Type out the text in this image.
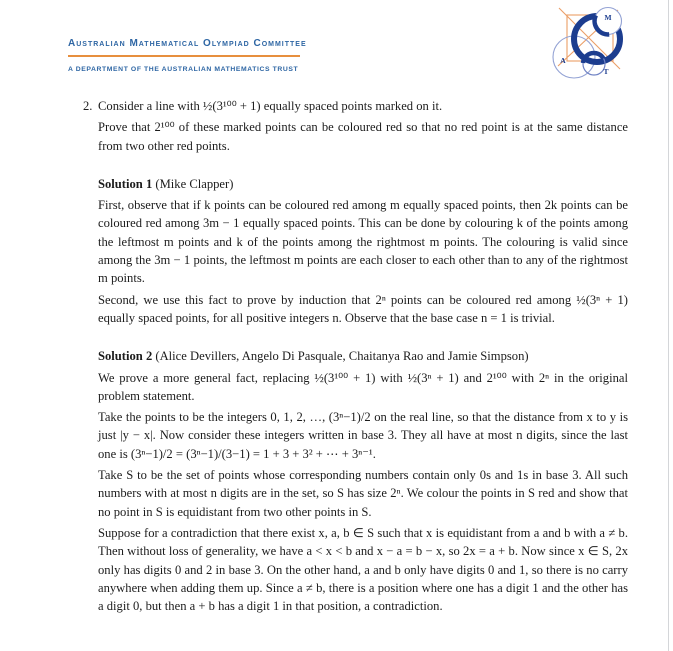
Australian Mathematical Olympiad Committee
A DEPARTMENT OF THE AUSTRALIAN MATHEMATICS TRUST
M
A
T
2. Consider a line with ½(3¹⁰⁰ + 1) equally spaced points marked on it.

Prove that 2¹⁰⁰ of these marked points can be coloured red so that no red point is at the same distance from two other red points.

Solution 1 (Mike Clapper)

First, observe that if k points can be coloured red among m equally spaced points, then 2k points can be coloured red among 3m − 1 equally spaced points. This can be done by colouring k of the points among the leftmost m points and k of the points among the rightmost m points. The colouring is valid since among the 3m − 1 points, the leftmost m points are each closer to each other than to any of the rightmost m points.

Second, we use this fact to prove by induction that 2ⁿ points can be coloured red among ½(3ⁿ + 1) equally spaced points, for all positive integers n. Observe that the base case n = 1 is trivial.

Solution 2 (Alice Devillers, Angelo Di Pasquale, Chaitanya Rao and Jamie Simpson)

We prove a more general fact, replacing ½(3¹⁰⁰ + 1) with ½(3ⁿ + 1) and 2¹⁰⁰ with 2ⁿ in the original problem statement.

Take the points to be the integers 0, 1, 2, …, (3ⁿ−1)/2 on the real line, so that the distance from x to y is just |y − x|. Now consider these integers written in base 3. They all have at most n digits, since the last one is (3ⁿ−1)/2 = (3ⁿ−1)/(3−1) = 1 + 3 + 3² + ⋯ + 3ⁿ⁻¹.

Take S to be the set of points whose corresponding numbers contain only 0s and 1s in base 3. All such numbers with at most n digits are in the set, so S has size 2ⁿ. We colour the points in S red and show that no point in S is equidistant from two other points in S.

Suppose for a contradiction that there exist x, a, b ∈ S such that x is equidistant from a and b with a ≠ b. Then without loss of generality, we have a < x < b and x − a = b − x, so 2x = a + b. Now since x ∈ S, 2x only has digits 0 and 2 in base 3. On the other hand, a and b only have digits 0 and 1, so there is no carry anywhere when adding them up. Since a ≠ b, there is a position where one has a digit 1 and the other has a digit 0, but then a + b has a digit 1 in that position, a contradiction.
